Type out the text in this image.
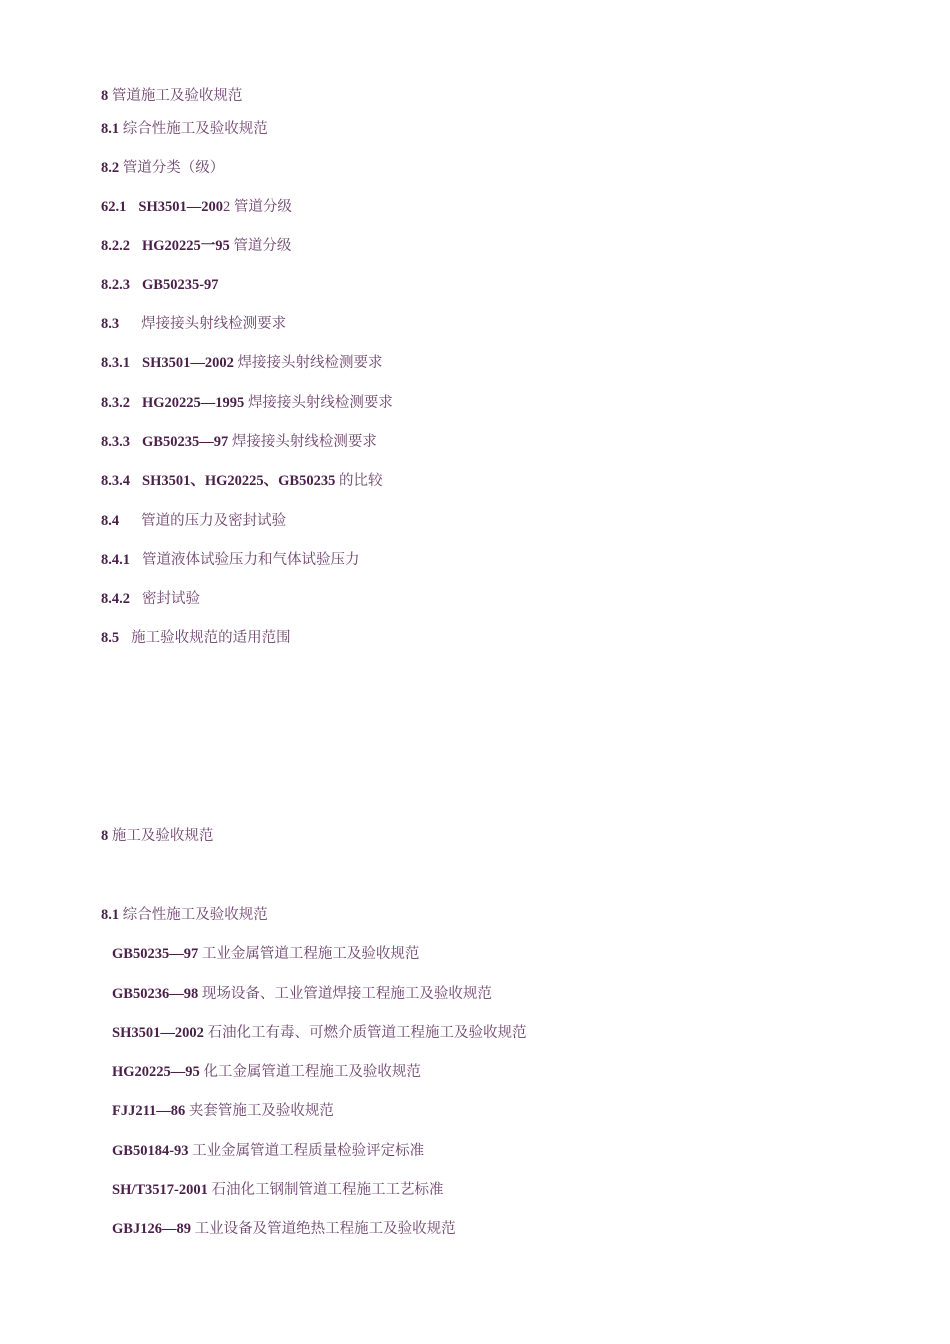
8 管道施工及验收规范
8.1 综合性施工及验收规范
8.2 管道分类（级）
62.1 SH3501—2002 管道分级
8.2.2 HG20225一95 管道分级
8.2.3 GB50235-97
8.3 焊接接头射线检测要求
8.3.1 SH3501—2002 焊接接头射线检测要求
8.3.2 HG20225—1995 焊接接头射线检测要求
8.3.3 GB50235—97 焊接接头射线检测要求
8.3.4 SH3501、HG20225、GB50235 的比较
8.4 管道的压力及密封试验
8.4.1 管道液体试验压力和气体试验压力
8.4.2 密封试验
8.5 施工验收规范的适用范围
8 施工及验收规范
8.1 综合性施工及验收规范
GB50235—97 工业金属管道工程施工及验收规范
GB50236—98 现场设备、工业管道焊接工程施工及验收规范
SH3501—2002 石油化工有毒、可燃介质管道工程施工及验收规范
HG20225—95 化工金属管道工程施工及验收规范
FJJ211—86 夹套管施工及验收规范
GB50184-93 工业金属管道工程质量检验评定标准
SH/T3517-2001 石油化工钢制管道工程施工工艺标准
GBJ126—89 工业设备及管道绝热工程施工及验收规范
